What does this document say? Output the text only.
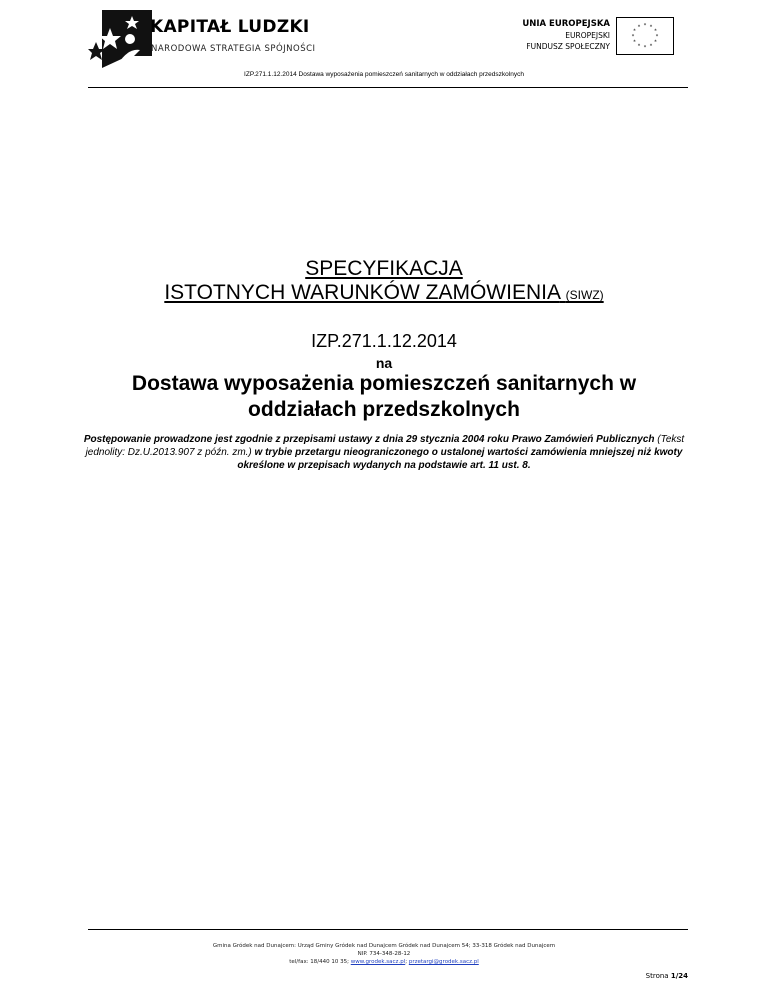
KAPITAŁ LUDZKI
NARODOWA STRATEGIA SPÓJNOŚCI
UNIA EUROPEJSKA
EUROPEJSKI
FUNDUSZ SPOŁECZNY
* *
*
*
*
*
*
*
*
*
*
*
IZP.271.1.12.2014 Dostawa wyposażenia pomieszczeń sanitarnych w oddziałach przedszkolnych
SPECYFIKACJA
ISTOTNYCH WARUNKÓW ZAMÓWIENIA (SIWZ)
IZP.271.1.12.2014
na
Dostawa wyposażenia pomieszczeń sanitarnych w oddziałach przedszkolnych
Postępowanie prowadzone jest zgodnie z przepisami ustawy z dnia 29 stycznia 2004 roku Prawo Zamówień Publicznych (Tekst jednolity: Dz.U.2013.907 z późn. zm.) w trybie przetargu nieograniczonego o ustalonej wartości zamówienia mniejszej niż kwoty określone w przepisach wydanych na podstawie art. 11 ust. 8.
Gmina Gródek nad Dunajcem: Urząd Gminy Gródek nad Dunajcem Gródek nad Dunajcem 54; 33-318 Gródek nad Dunajcem
NIP. 734-348-28-12
tel/fax: 18/440 10 35; www.grodek.sacz.pl; przetargi@grodek.sacz.pl
Strona 1/24
